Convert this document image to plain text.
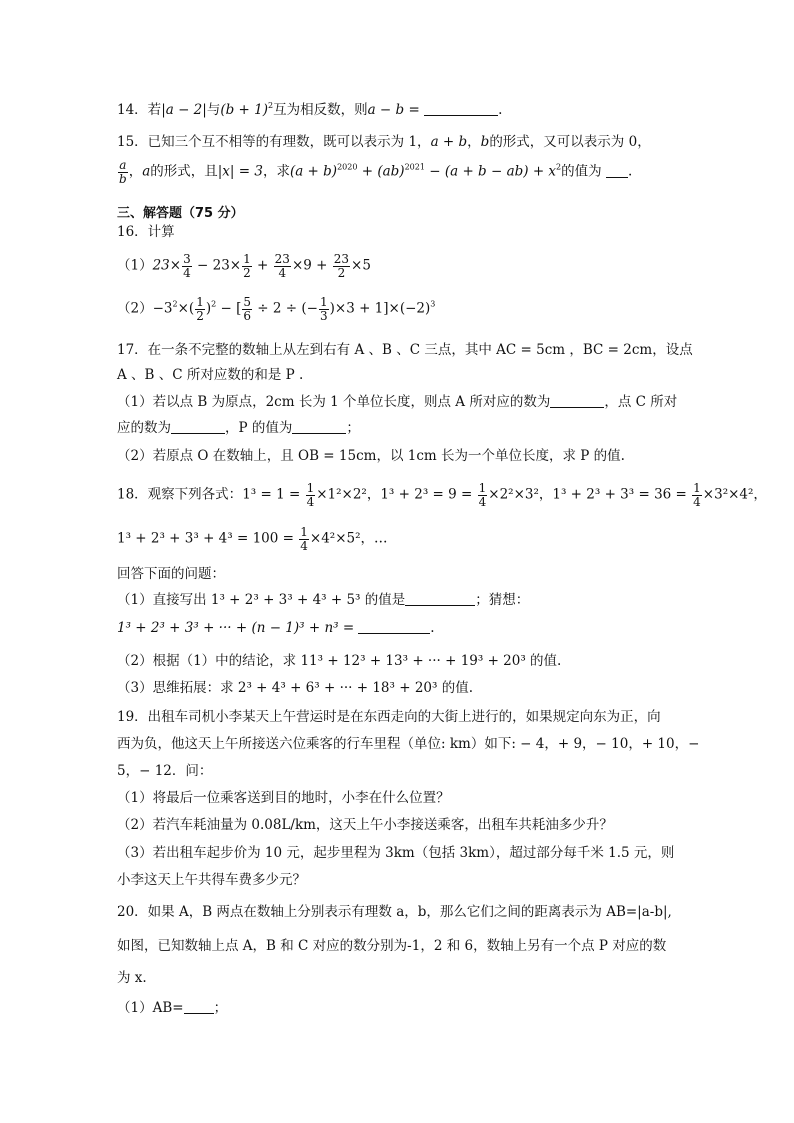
14．若|a − 2|与$(b + 1)^2$互为相反数，则a − b =	.
15．已知三个互不相等的有理数，既可以表示为 1，a + b，b的形式，又可以表示为 0，
$\frac{a}{b}$ ，a的形式，且|x| = 3，求$(a + b)^{2020} + (ab)^{2021} - (a + b - ab) + x^2$的值为 .
三、解答题（75 分）
16．计算
$(1)23\times \frac{3}{4} - 23\times \frac{1}{2} + \frac{23}{4} \times 9 + \frac{23}{2} \times 5$
$(2)-3^2\times( \frac{1}{2} )^2$ − [ $\frac{5}{6} \div 2$ ÷ (− $\frac{1}{3} )\times 3 + 1]\times(-2)^3$
17．在一条不完整的数轴上从左到右有 A 、B 、C 三点，其中 AC = 5cm ，BC = 2cm，设点
A 、B 、C 所对应数的和是 P .
（1）若以点 B 为原点，2cm 长为 1 个单位长度，则点 A 所对应的数为	，点 C 所对
应的数为	，P 的值为	；
（2）若原点 O 在数轴上，且 OB = 15cm，以 1cm 长为一个单位长度，求 P 的值.
18．观察下列各式：$1^3 = 1 = \frac{1}{4} \times 1^2\times 2^2$，$1^3 + 2^3 = 9 = \frac{1}{4} \times 2^2\times 3^2$，$1^3 + 2^3 + 3^3 = 36 = \frac{1}{4} \times 3^2\times 4^2$，
$1^3 + 2^3 + 3^3 + 4^3 = 100 = \frac{1}{4} \times 4^2\times 5^2$，…
回答下面的问题：
（1）直接写出 1³ + 2³ + 3³ + 4³ + 5³ 的值是	；猜想：
1³ + 2³ + 3³ + ··· + (n − 1)³ + n³ =	.
（2）根据（1）中的结论，求 11³ + 12³ + 13³ + ··· + 19³ + 20³ 的值.
（3）思维拓展：求 2³ + 4³ + 6³ + ··· + 18³ + 20³ 的值.
19．出租车司机小李某天上午营运时是在东西走向的大街上进行的，如果规定向东为正，向
西为负，他这天上午所接送六位乘客的行车里程（单位: km）如下: − 4，+ 9，− 10，+ 10，−
5，− 12．问：
（1）将最后一位乘客送到目的地时，小李在什么位置？
（2）若汽车耗油量为 0.08L/km，这天上午小李接送乘客，出租车共耗油多少升？
（3）若出租车起步价为 10 元，起步里程为 3km（包括 3km），超过部分每千米 1.5 元，则
小李这天上午共得车费多少元？
20．如果 A，B 两点在数轴上分别表示有理数 a，b，那么它们之间的距离表示为 AB=|a-b|,
如图，已知数轴上点 A，B 和 C 对应的数分别为-1，2 和 6，数轴上另有一个点 P 对应的数
为 x.
（1）AB= ；
